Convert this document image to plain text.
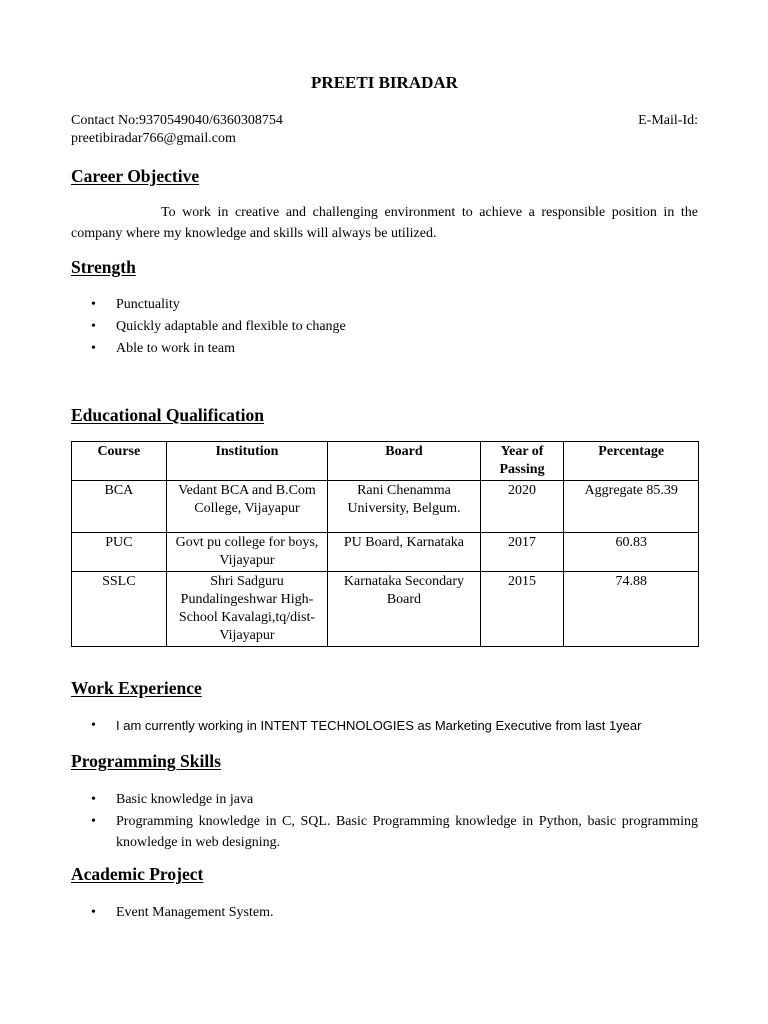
PREETI BIRADAR
Contact No:9370549040/6360308754	E-Mail-Id:
preetibiradar766@gmail.com
Career Objective

To work in creative and challenging environment to achieve a responsible position in the company where my knowledge and skills will always be utilized.

Strength
• Punctuality
• Quickly adaptable and flexible to change
• Able to work in team
Educational Qualification
Course	Institution	Board	Year of Passing	Percentage
BCA	Vedant BCA and B.Com College, Vijayapur	Rani Chenamma University, Belgum.	2020	Aggregate 85.39
PUC	Govt pu college for boys, Vijayapur	PU Board, Karnataka	2017	60.83
SSLC	Shri Sadguru Pundalingeshwar High-School Kavalagi,tq/dist-Vijayapur	Karnataka Secondary Board	2015	74.88
Work Experience
• I am currently working in INTENT TECHNOLOGIES as Marketing Executive from last 1year
Programming Skills
• Basic knowledge in java
• Programming knowledge in C, SQL. Basic Programming knowledge in Python, basic programming knowledge in web designing.
Academic Project
• Event Management System.
